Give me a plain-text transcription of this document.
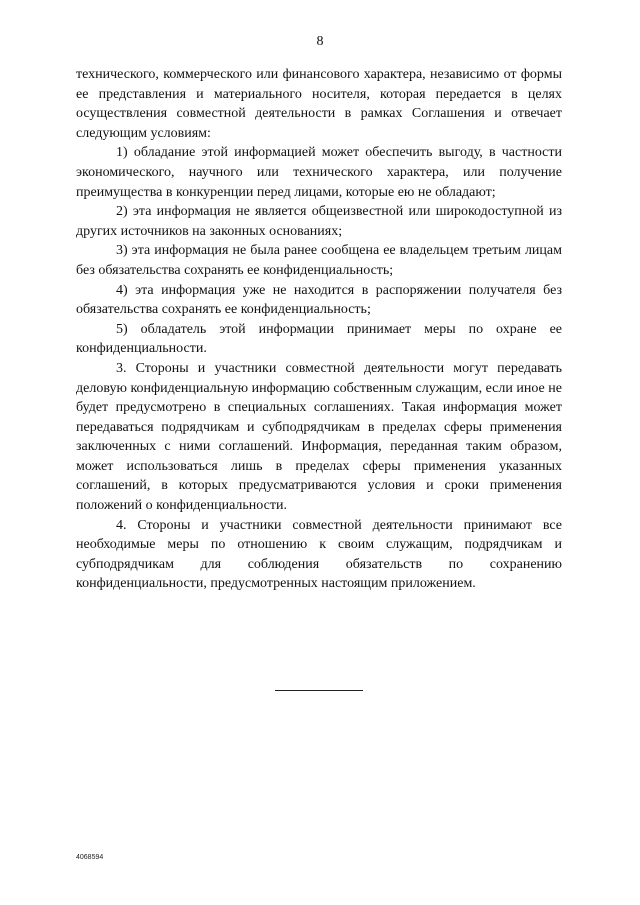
8

технического, коммерческого или финансового характера, независимо от формы ее представления и материального носителя, которая передается в целях осуществления совместной деятельности в рамках Соглашения и отвечает следующим условиям:

1) обладание этой информацией может обеспечить выгоду, в частности экономического, научного или технического характера, или получение преимущества в конкуренции перед лицами, которые ею не обладают;

2) эта информация не является общеизвестной или широкодоступной из других источников на законных основаниях;

3) эта информация не была ранее сообщена ее владельцем третьим лицам без обязательства сохранять ее конфиденциальность;

4) эта информация уже не находится в распоряжении получателя без обязательства сохранять ее конфиденциальность;

5) обладатель этой информации принимает меры по охране ее конфиденциальности.

3. Стороны и участники совместной деятельности могут передавать деловую конфиденциальную информацию собственным служащим, если иное не будет предусмотрено в специальных соглашениях. Такая информация может передаваться подрядчикам и субподрядчикам в пределах сферы применения заключенных с ними соглашений. Информация, переданная таким образом, может использоваться лишь в пределах сферы применения указанных соглашений, в которых предусматриваются условия и сроки применения положений о конфиденциальности.

4. Стороны и участники совместной деятельности принимают все необходимые меры по отношению к своим служащим, подрядчикам и субподрядчикам для соблюдения обязательств по сохранению конфиденциальности, предусмотренных настоящим приложением.

4068594
